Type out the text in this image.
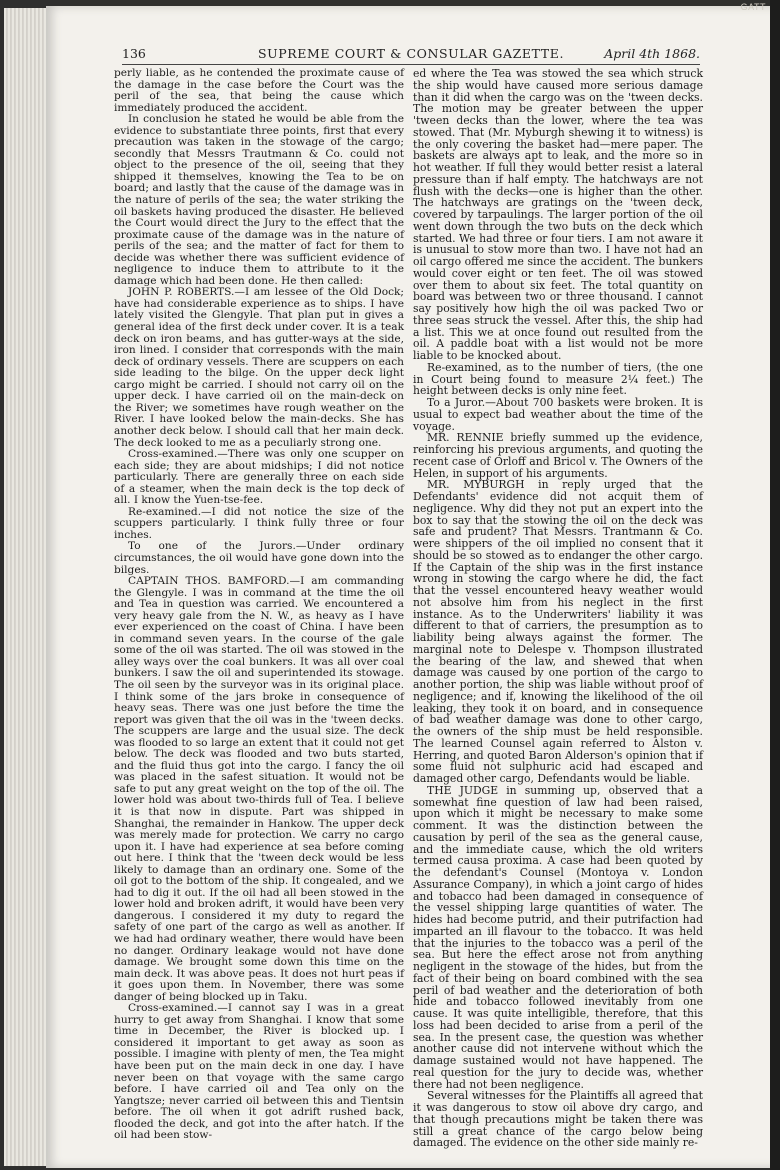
GATT
136	SUPREME COURT & CONSULAR GAZETTE.	April 4th 1868.

perly liable, as he contended the proximate cause of the damage in the case before the Court was the peril of the sea, that being the cause which immediately produced the accident.

In conclusion he stated he would be able from the evidence to substantiate three points, first that every precaution was taken in the stowage of the cargo; secondly that Messrs Trautmann & Co. could not object to the presence of the oil, seeing that they shipped it themselves, knowing the Tea to be on board; and lastly that the cause of the damage was in the nature of perils of the sea; the water striking the oil baskets having produced the disaster. He believed the Court would direct the Jury to the effect that the proximate cause of the damage was in the nature of perils of the sea; and the matter of fact for them to decide was whether there was sufficient evidence of negligence to induce them to attribute to it the damage which had been done. He then called:

JOHN P. ROBERTS.—I am lessee of the Old Dock; have had considerable experience as to ships. I have lately visited the Glengyle. That plan put in gives a general idea of the first deck under cover. It is a teak deck on iron beams, and has gutter-ways at the side, iron lined. I consider that corresponds with the main deck of ordinary vessels. There are scuppers on each side leading to the bilge. On the upper deck light cargo might be carried. I should not carry oil on the upper deck. I have carried oil on the main-deck on the River; we sometimes have rough weather on the River. I have looked below the main-decks. She has another deck below. I should call that her main deck. The deck looked to me as a peculiarly strong one.

Cross-examined.—There was only one scupper on each side; they are about midships; I did not notice particularly. There are generally three on each side of a steamer, when the main deck is the top deck of all. I know the Yuen-tse-fee.

Re-examined.—I did not notice the size of the scuppers particularly. I think fully three or four inches.

To one of the Jurors.—Under ordinary circumstances, the oil would have gone down into the bilges.

CAPTAIN THOS. BAMFORD.—I am commanding the Glengyle. I was in command at the time the oil and Tea in question was carried. We encountered a very heavy gale from the N. W., as heavy as I have ever experienced on the coast of China. I have been in command seven years. In the course of the gale some of the oil was started. The oil was stowed in the alley ways over the coal bunkers. It was all over coal bunkers. I saw the oil and superintended its stowage. The oil seen by the surveyor was in its original place. I think some of the jars broke in consequence of heavy seas. There was one just before the time the report was given that the oil was in the 'tween decks. The scuppers are large and the usual size. The deck was flooded to so large an extent that it could not get below. The deck was flooded and two buts started, and the fluid thus got into the cargo. I fancy the oil was placed in the safest situation. It would not be safe to put any great weight on the top of the oil. The lower hold was about two-thirds full of Tea. I believe it is that now in dispute. Part was shipped in Shanghai, the remainder in Hankow. The upper deck was merely made for protection. We carry no cargo upon it. I have had experience at sea before coming out here. I think that the 'tween deck would be less likely to damage than an ordinary one. Some of the oil got to the bottom of the ship. It congealed, and we had to dig it out. If the oil had all been stowed in the lower hold and broken adrift, it would have been very dangerous. I considered it my duty to regard the safety of one part of the cargo as well as another. If we had had ordinary weather, there would have been no danger. Ordinary leakage would not have done damage. We brought some down this time on the main deck. It was above peas. It does not hurt peas if it goes upon them. In November, there was some danger of being blocked up in Taku.

Cross-examined.—I cannot say I was in a great hurry to get away from Shanghai. I know that some time in December, the River is blocked up. I considered it important to get away as soon as possible. I imagine with plenty of men, the Tea might have been put on the main deck in one day. I have never been on that voyage with the same cargo before. I have carried oil and Tea only on the Yangtsze; never carried oil between this and Tientsin before. The oil when it got adrift rushed back, flooded the deck, and got into the after hatch. If the oil had been stow-

ed where the Tea was stowed the sea which struck the ship would have caused more serious damage than it did when the cargo was on the 'tween decks. The motion may be greater between the upper 'tween decks than the lower, where the tea was stowed. That (Mr. Myburgh shewing it to witness) is the only covering the basket had—mere paper. The baskets are always apt to leak, and the more so in hot weather. If full they would better resist a lateral pressure than if half empty. The hatchways are not flush with the decks—one is higher than the other. The hatchways are gratings on the 'tween deck, covered by tarpaulings. The larger portion of the oil went down through the two buts on the deck which started. We had three or four tiers. I am not aware it is unusual to stow more than two. I have not had an oil cargo offered me since the accident. The bunkers would cover eight or ten feet. The oil was stowed over them to about six feet. The total quantity on board was between two or three thousand. I cannot say positively how high the oil was packed Two or three seas struck the vessel. After this, the ship had a list. This we at once found out resulted from the oil. A paddle boat with a list would not be more liable to be knocked about.

Re-examined, as to the number of tiers, (the one in Court being found to measure 2¼ feet.) The height between decks is only nine feet.

To a Juror.—About 700 baskets were broken. It is usual to expect bad weather about the time of the voyage.

MR. RENNIE briefly summed up the evidence, reinforcing his previous arguments, and quoting the recent case of Orloff and Bricol v. The Owners of the Helen, in support of his arguments.

MR. MYBURGH in reply urged that the Defendants' evidence did not acquit them of negligence. Why did they not put an expert into the box to say that the stowing the oil on the deck was safe and prudent? That Messrs. Trantmann & Co. were shippers of the oil implied no consent that it should be so stowed as to endanger the other cargo. If the Captain of the ship was in the first instance wrong in stowing the cargo where he did, the fact that the vessel encountered heavy weather would not absolve him from his neglect in the first instance. As to the Underwriters' liability it was different to that of carriers, the presumption as to liability being always against the former. The marginal note to Delespe v. Thompson illustrated the bearing of the law, and shewed that when damage was caused by one portion of the cargo to another portion, the ship was liable without proof of negligence; and if, knowing the likelihood of the oil leaking, they took it on board, and in consequence of bad weather damage was done to other cargo, the owners of the ship must be held responsible. The learned Counsel again referred to Alston v. Herring, and quoted Baron Alderson's opinion that if some fluid not sulphuric acid had escaped and damaged other cargo, Defendants would be liable.

THE JUDGE in summing up, observed that a somewhat fine question of law had been raised, upon which it might be necessary to make some comment. It was the distinction between the causation by peril of the sea as the general cause, and the immediate cause, which the old writers termed causa proxima. A case had been quoted by the defendant's Counsel (Montoya v. London Assurance Company), in which a joint cargo of hides and tobacco had been damaged in consequence of the vessel shipping large quantities of water. The hides had become putrid, and their putrifaction had imparted an ill flavour to the tobacco. It was held that the injuries to the tobacco was a peril of the sea. But here the effect arose not from anything negligent in the stowage of the hides, but from the fact of their being on board combined with the sea peril of bad weather and the deterioration of both hide and tobacco followed inevitably from one cause. It was quite intelligible, therefore, that this loss had been decided to arise from a peril of the sea. In the present case, the question was whether another cause did not intervene without which the damage sustained would not have happened. The real question for the jury to decide was, whether there had not been negligence.

Several witnesses for the Plaintiffs all agreed that it was dangerous to stow oil above dry cargo, and that though precautions might be taken there was still a great chance of the cargo below being damaged. The evidence on the other side mainly re-
